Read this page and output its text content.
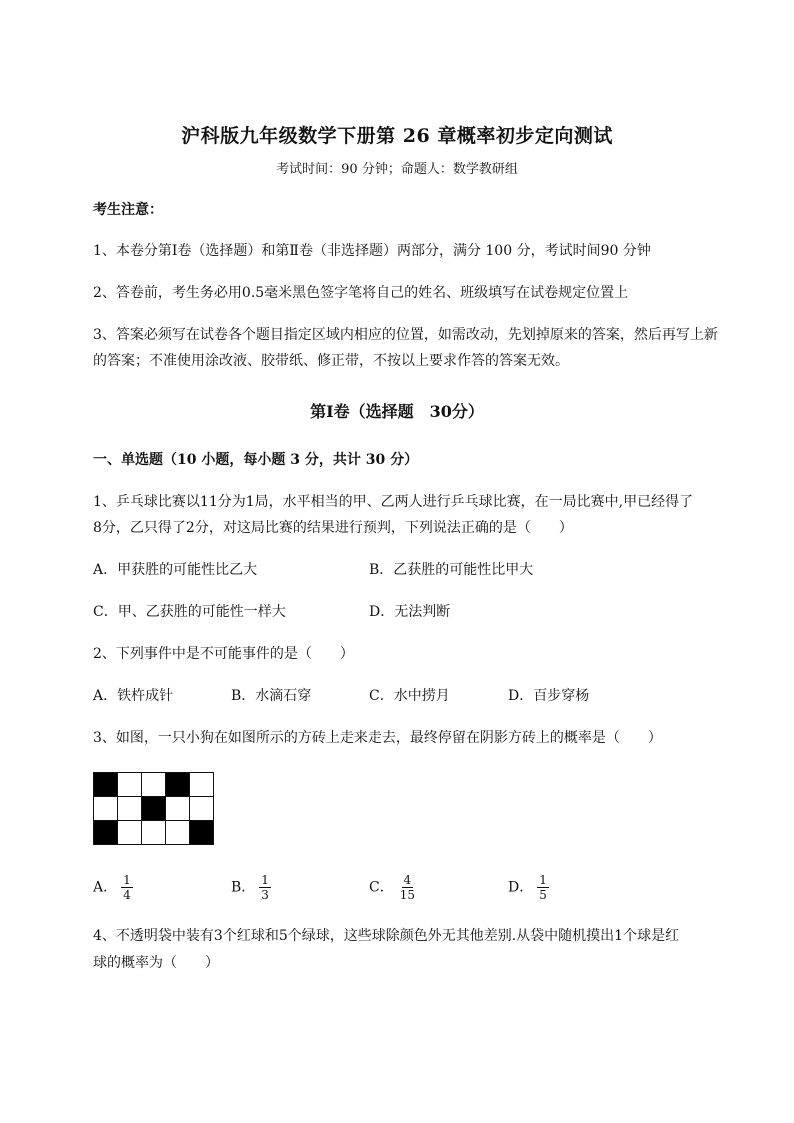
沪科版九年级数学下册第 26 章概率初步定向测试
考试时间：90 分钟；命题人：数学教研组
考生注意：
1、本卷分第Ⅰ卷（选择题）和第Ⅱ卷（非选择题）两部分，满分 100 分，考试时间90 分钟
2、答卷前，考生务必用0.5毫米黑色签字笔将自己的姓名、班级填写在试卷规定位置上
3、答案必须写在试卷各个题目指定区域内相应的位置，如需改动，先划掉原来的答案，然后再写上新
的答案；不准使用涂改液、胶带纸、修正带，不按以上要求作答的答案无效。
第Ⅰ卷（选择题　30分）
一、单选题（10 小题，每小题 3 分，共计 30 分）
1、乒乓球比赛以11分为1局，水平相当的甲、乙两人进行乒乓球比赛，在一局比赛中,甲已经得了
8分，乙只得了2分，对这局比赛的结果进行预判，下列说法正确的是（　　）
A．甲获胜的可能性比乙大	B．乙获胜的可能性比甲大
C．甲、乙获胜的可能性一样大	D．无法判断
2、下列事件中是不可能事件的是（　　）
A．铁杵成针	B．水滴石穿	C．水中捞月	D．百步穿杨
3、如图，一只小狗在如图所示的方砖上走来走去，最终停留在阴影方砖上的概率是（　　）

A． $\frac{1}{4}$	B． $\frac{1}{3}$	C． $\frac{4}{15}$	D． $\frac{1}{5}$
4、不透明袋中装有3个红球和5个绿球，这些球除颜色外无其他差别.从袋中随机摸出1个球是红
球的概率为（　　）
